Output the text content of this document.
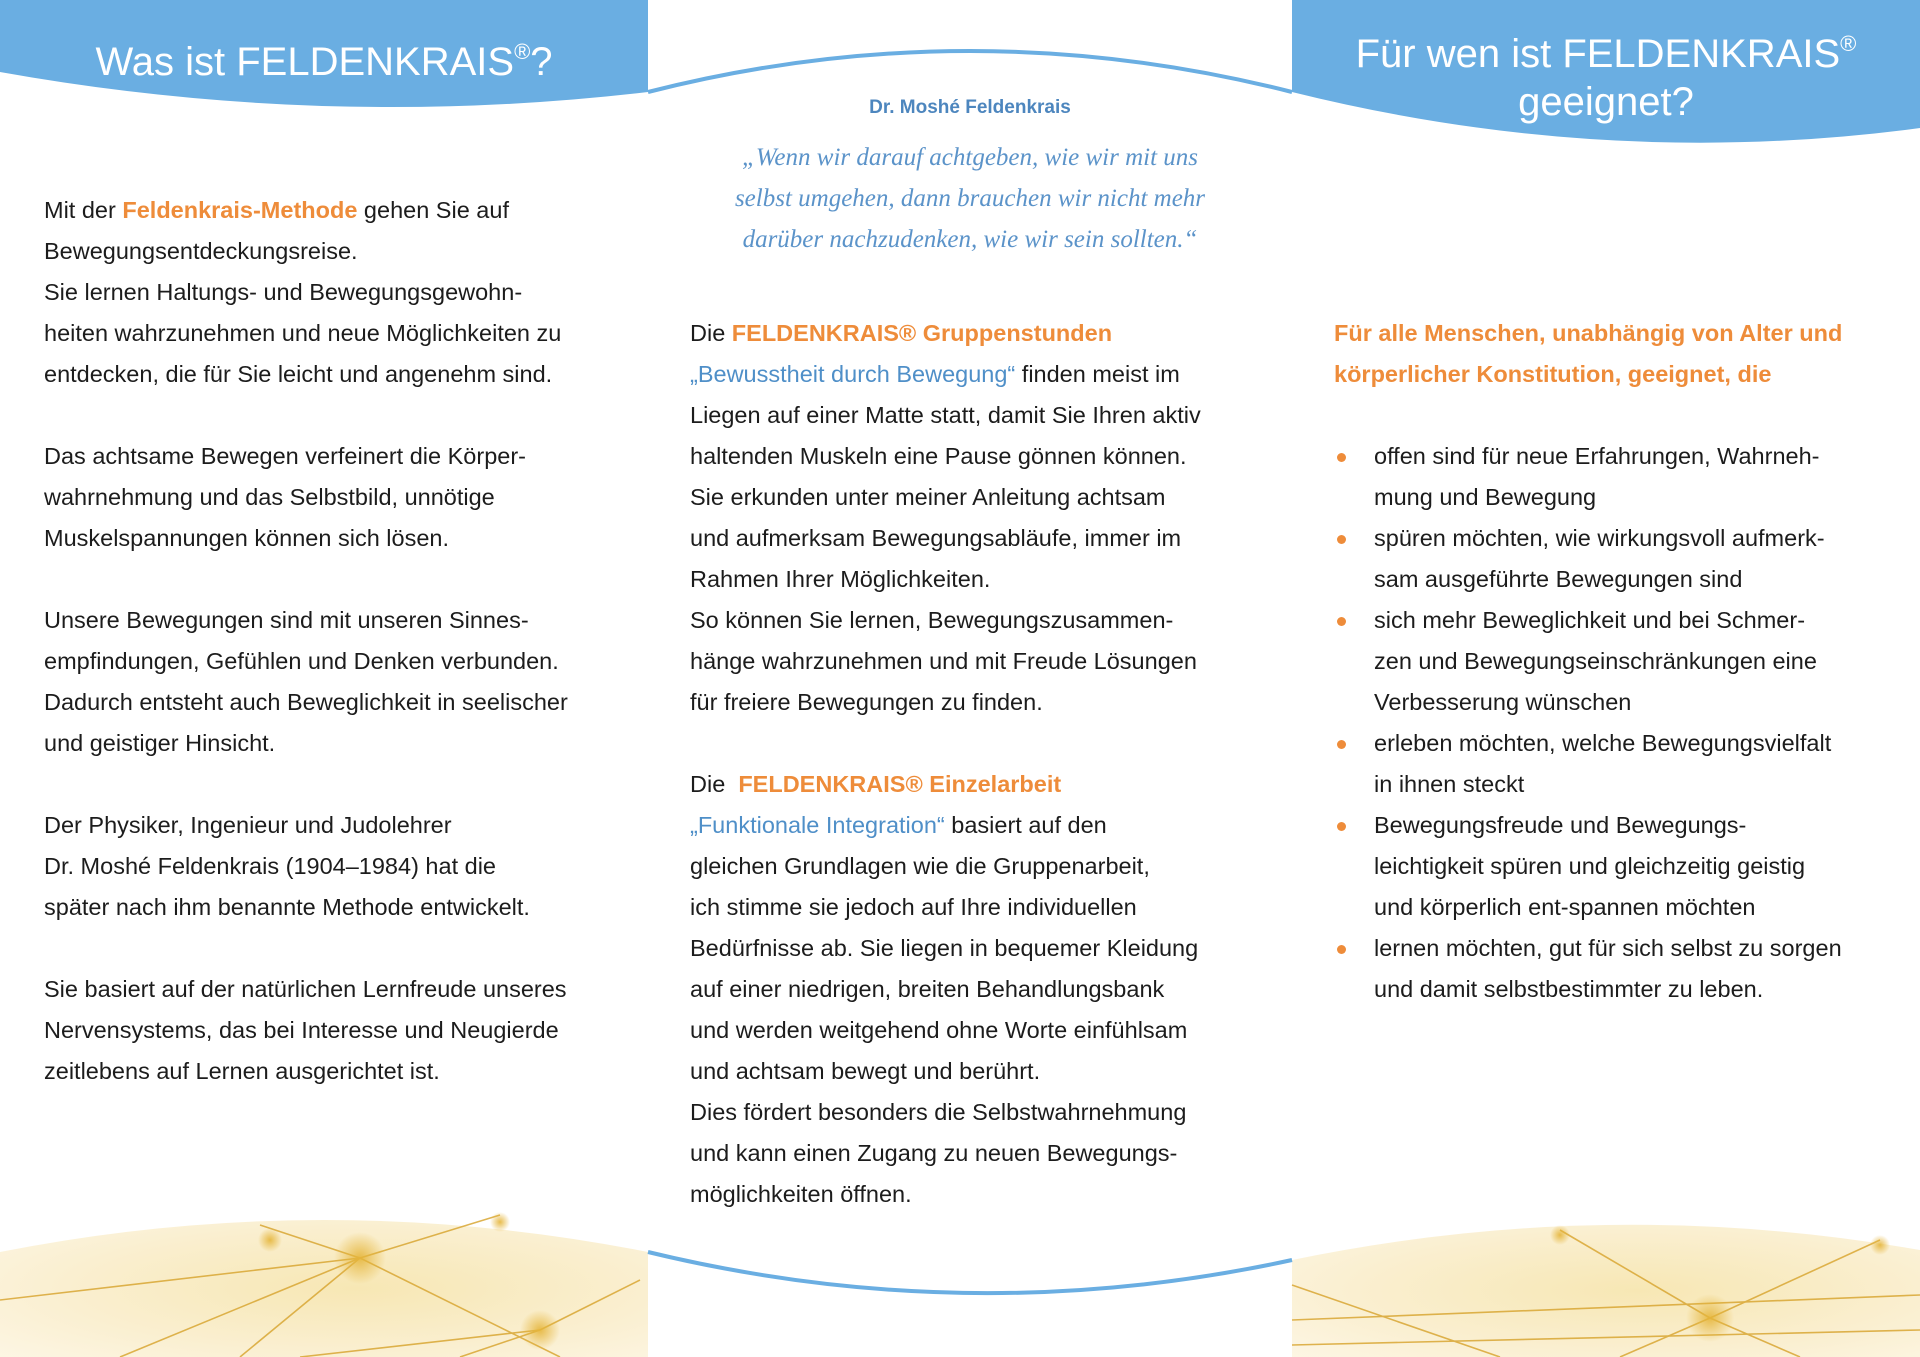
Was ist FELDENKRAIS®?	Für wen ist FELDENKRAIS®
geeignet?
Dr. Moshé Feldenkrais
„Wenn wir darauf achtgeben, wie wir mit uns
selbst umgehen, dann brauchen wir nicht mehr
darüber nachzudenken, wie wir sein sollten.“

Mit der Feldenkrais-Methode gehen Sie auf

Bewegungsentdeckungsreise.

Sie lernen Haltungs- und Bewegungsgewohn-

heiten wahrzunehmen und neue Möglichkeiten zu

entdecken, die für Sie leicht und angenehm sind.

Das achtsame Bewegen verfeinert die Körper-

wahrnehmung und das Selbstbild, unnötige

Muskelspannungen können sich lösen.

Unsere Bewegungen sind mit unseren Sinnes-

empfindungen, Gefühlen und Denken verbunden.

Dadurch entsteht auch Beweglichkeit in seelischer

und geistiger Hinsicht.

Der Physiker, Ingenieur und Judolehrer

Dr. Moshé Feldenkrais (1904–1984) hat die

später nach ihm benannte Methode entwickelt.

Sie basiert auf der natürlichen Lernfreude unseres

Nervensystems, das bei Interesse und Neugierde

zeitlebens auf Lernen ausgerichtet ist.

Die FELDENKRAIS® Gruppenstunden

„Bewusstheit durch Bewegung“ finden meist im

Liegen auf einer Matte statt, damit Sie Ihren aktiv

haltenden Muskeln eine Pause gönnen können.

Sie erkunden unter meiner Anleitung achtsam

und aufmerksam Bewegungsabläufe, immer im

Rahmen Ihrer Möglichkeiten.

So können Sie lernen, Bewegungszusammen-

hänge wahrzunehmen und mit Freude Lösungen

für freiere Bewegungen zu finden.

Die  FELDENKRAIS® Einzelarbeit

„Funktionale Integration“ basiert auf den

gleichen Grundlagen wie die Gruppenarbeit,

ich stimme sie jedoch auf Ihre individuellen

Bedürfnisse ab. Sie liegen in bequemer Kleidung

auf einer niedrigen, breiten Behandlungsbank

und werden weitgehend ohne Worte einfühlsam

und achtsam bewegt und berührt.

Dies fördert besonders die Selbstwahrnehmung

und kann einen Zugang zu neuen Bewegungs-

möglichkeiten öffnen.

Für alle Menschen, unabhängig von Alter und

körperlicher Konstitution, geeignet, die

offen sind für neue Erfahrungen, Wahrneh-
mung und Bewegung
spüren möchten, wie wirkungsvoll aufmerk-
sam ausgeführte Bewegungen sind
sich mehr Beweglichkeit und bei Schmer-
zen und Bewegungseinschränkungen eine
Verbesserung wünschen
erleben möchten, welche Bewegungsvielfalt
in ihnen steckt
Bewegungsfreude und Bewegungs-
leichtigkeit spüren und gleichzeitig geistig
und körperlich ent-spannen möchten
lernen möchten, gut für sich selbst zu sorgen
und damit selbstbestimmter zu leben.
